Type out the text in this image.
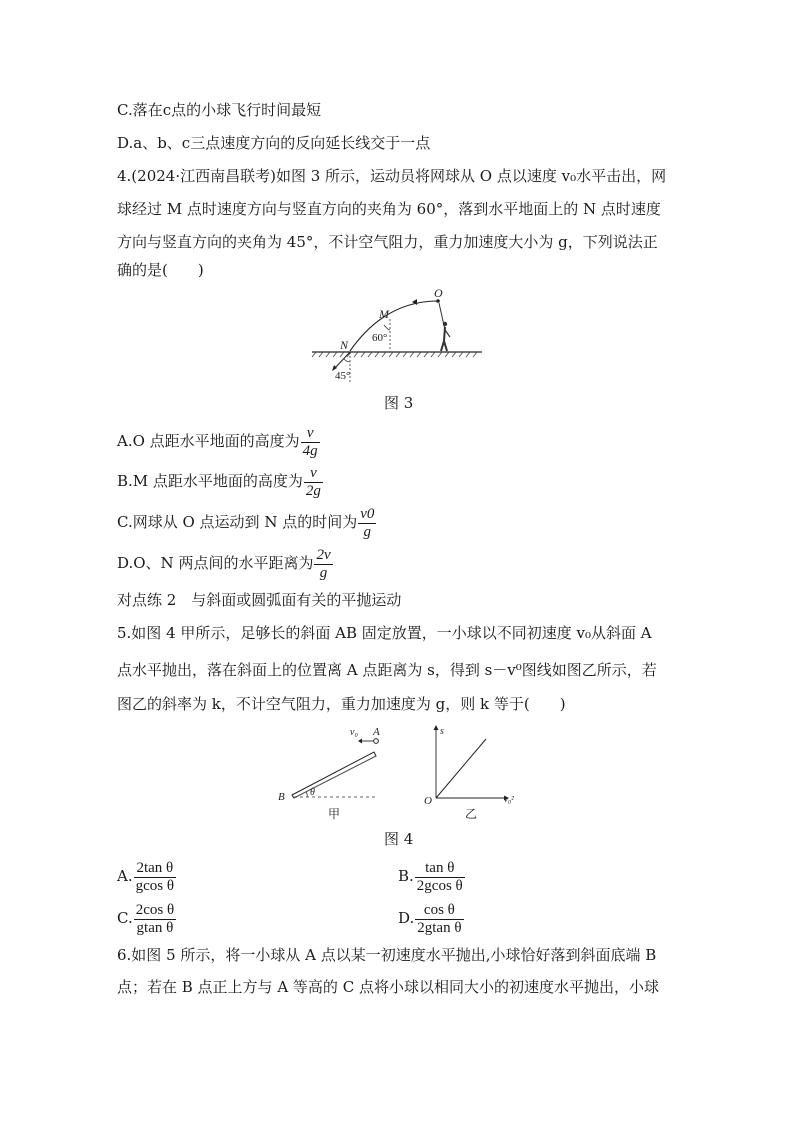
C.落在c点的小球飞行时间最短
D.a、b、c三点速度方向的反向延长线交于一点
4.(2024·江西南昌联考)如图 3 所示，运动员将网球从 O 点以速度 v₀水平击出，网
球经过 M 点时速度方向与竖直方向的夹角为 60°，落到水平地面上的 N 点时速度
方向与竖直方向的夹角为 45°，不计空气阻力，重力加速度大小为 g，下列说法正
确的是(　　)
O
M
N 60°
45°
图 3
A.O 点距水平地面的高度为 $\frac{v}{4g}$
B.M 点距水平地面的高度为 $\frac{v}{2g}$
C.网球从 O 点运动到 N 点的时间为 $\frac{v0}{g}$
D.O、N 两点间的水平距离为 $\frac{2v}{g}$
对点练 2　与斜面或圆弧面有关的平抛运动
5.如图 4 甲所示，足够长的斜面 AB 固定放置，一小球以不同初速度 v₀从斜面 A
点水平抛出，落在斜面上的位置离 A 点距离为 s，得到 s－v⁰图线如图乙所示，若
图乙的斜率为 k，不计空气阻力，重力加速度为 g，则 k 等于(　　)
v₀ A
B	θ
甲
s
O	v₀²
乙
图 4
A. $\frac{\text{2tan θ}}{\text{gcos θ}}$	B. $\frac{\text{tan θ}}{\text{2gcos θ}}$
C. $\frac{\text{2cos θ}}{\text{gtan θ}}$	D. $\frac{\text{cos θ}}{\text{2gtan θ}}$
6.如图 5 所示，将一小球从 A 点以某一初速度水平抛出,小球恰好落到斜面底端 B
点；若在 B 点正上方与 A 等高的 C 点将小球以相同大小的初速度水平抛出，小球
